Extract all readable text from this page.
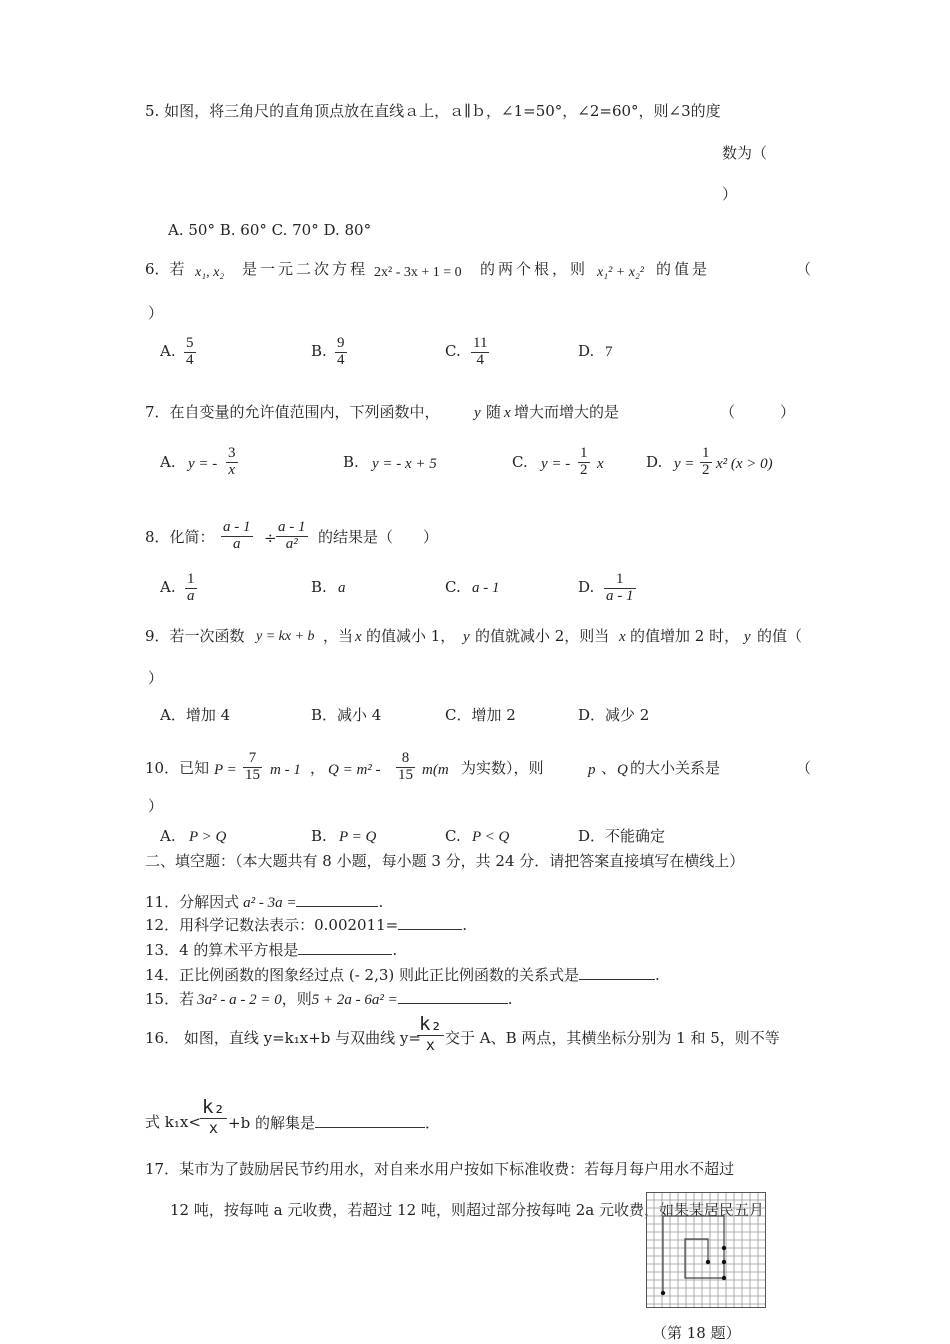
5. 如图，将三角尺的直角顶点放在直线ａ上，ａ∥ｂ，∠1=50°，∠2=60°，则∠3的度
数为（
）
A. 50° B. 60° C. 70° D. 80°
6．若 x₁, x₂ 是一元二次方程 2x² - 3x + 1 = 0 的两个根，则 x₁² + x₂² 的值是	（
）
A. $\frac{5}{4}$	B. $\frac{9}{4}$	C. $\frac{11}{4}$	D. 7
7．在自变量的允许值范围内，下列函数中， y 随 x 增大而增大的是	（　　　）
A. y = - $\frac{3}{x}$	B. y = - x + 5	C. y = - $\frac{1}{2}$ x	D. $y = \frac{1}{2} x^2$ (x > 0)
8．化简： $\frac{a - 1}{a} \div \frac{a - 1}{\text{a²}}$ 的结果是（　　）
A. $\frac{1}{a}$	B. a	C. a - 1	D. $\frac{1}{a - 1}$
9．若一次函数 y = kx + b ，当 x 的值减小 1， y 的值就减小 2，则当 x 的值增加 2 时， y 的值（
）
A．增加 4	B．减小 4	C．增加 2	D．减少 2
10．已知 $P = \frac{7}{15}$ m - 1 ， $Q = m^2 - \frac{8}{15} m(m$ 为实数），则	p 、 Q 的大小关系是	（
）
A. P > Q	B. P = Q	C. P < Q	D．不能确定
二、填空题：（本大题共有 8 小题，每小题 3 分，共 24 分．请把答案直接填写在横线上）
11．分解因式 a² - 3a =	.
12．用科学记数法表示：0.002011=	.
13．4 的算术平方根是	.
14．正比例函数的图象经过点 (- 2,3) 则此正比例函数的关系式是	.
15．若 3a² - a - 2 = 0，则5 + 2a - 6a² =	.
16． 如图，直线 y=k₁x+b 与双曲线 y=
k₂
x 交于 A、B 两点，其横坐标分别为 1 和 5，则不等
式 k₁x<
k₂
x +b 的解集是	．
17．某市为了鼓励居民节约用水，对自来水用户按如下标准收费：若每月每户用水不超过
12 吨，按每吨 a 元收费，若超过 12 吨，则超过部分按每吨 2a 元收费，如果某居民五月
（第 18 题）
